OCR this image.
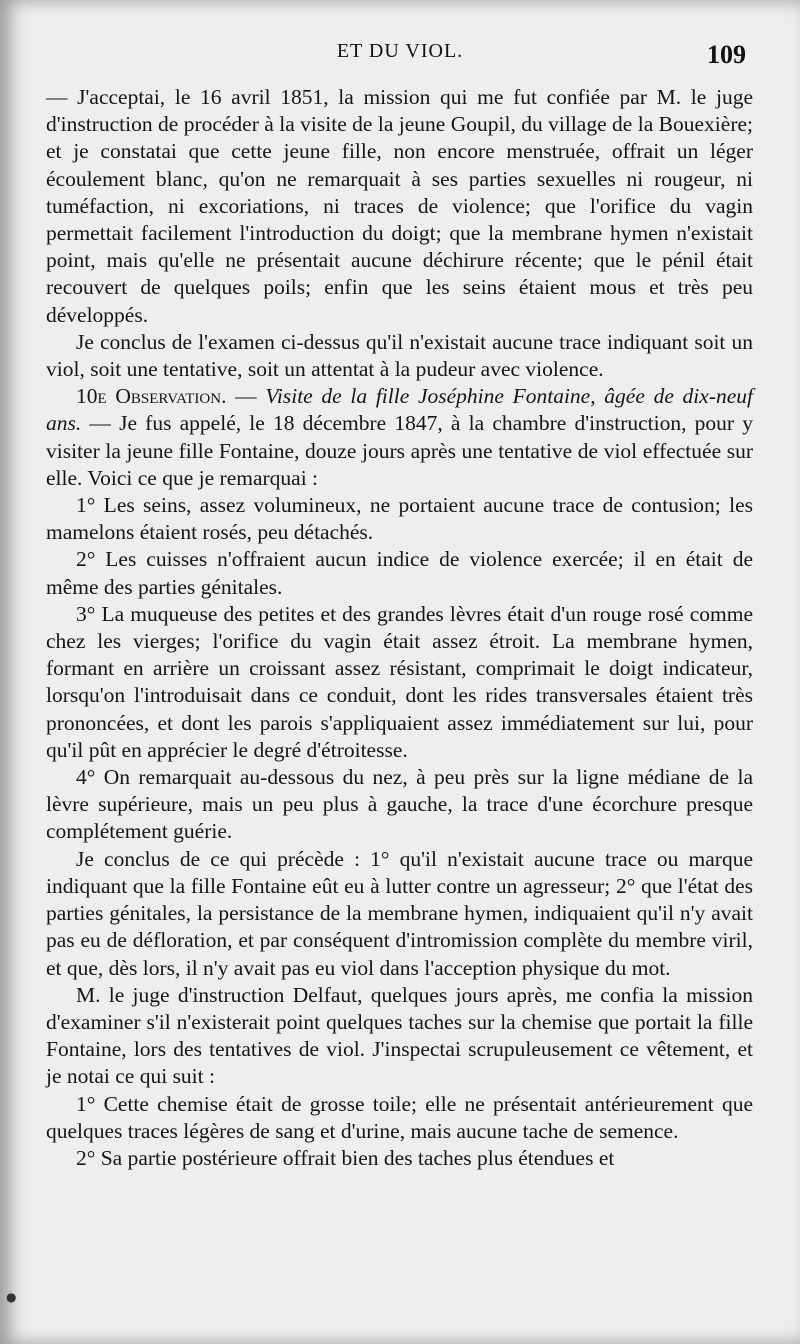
ET DU VIOL.	109

— J'acceptai, le 16 avril 1851, la mission qui me fut confiée par M. le juge d'instruction de procéder à la visite de la jeune Goupil, du village de la Bouexière; et je constatai que cette jeune fille, non encore menstruée, offrait un léger écoulement blanc, qu'on ne remarquait à ses parties sexuelles ni rougeur, ni tuméfaction, ni excoriations, ni traces de violence; que l'orifice du vagin permettait facilement l'introduction du doigt; que la membrane hymen n'existait point, mais qu'elle ne présentait aucune déchirure récente; que le pénil était recouvert de quelques poils; enfin que les seins étaient mous et très peu développés.

Je conclus de l'examen ci-dessus qu'il n'existait aucune trace indiquant soit un viol, soit une tentative, soit un attentat à la pudeur avec violence.

10e Observation. — Visite de la fille Joséphine Fontaine, âgée de dix-neuf ans. — Je fus appelé, le 18 décembre 1847, à la chambre d'instruction, pour y visiter la jeune fille Fontaine, douze jours après une tentative de viol effectuée sur elle. Voici ce que je remarquai :

1° Les seins, assez volumineux, ne portaient aucune trace de contusion; les mamelons étaient rosés, peu détachés.

2° Les cuisses n'offraient aucun indice de violence exercée; il en était de même des parties génitales.

3° La muqueuse des petites et des grandes lèvres était d'un rouge rosé comme chez les vierges; l'orifice du vagin était assez étroit. La membrane hymen, formant en arrière un croissant assez résistant, comprimait le doigt indicateur, lorsqu'on l'introduisait dans ce conduit, dont les rides transversales étaient très prononcées, et dont les parois s'appliquaient assez immédiatement sur lui, pour qu'il pût en apprécier le degré d'étroitesse.

4° On remarquait au-dessous du nez, à peu près sur la ligne médiane de la lèvre supérieure, mais un peu plus à gauche, la trace d'une écorchure presque complétement guérie.

Je conclus de ce qui précède : 1° qu'il n'existait aucune trace ou marque indiquant que la fille Fontaine eût eu à lutter contre un agresseur; 2° que l'état des parties génitales, la persistance de la membrane hymen, indiquaient qu'il n'y avait pas eu de défloration, et par conséquent d'intromission complète du membre viril, et que, dès lors, il n'y avait pas eu viol dans l'acception physique du mot.

M. le juge d'instruction Delfaut, quelques jours après, me confia la mission d'examiner s'il n'existerait point quelques taches sur la chemise que portait la fille Fontaine, lors des tentatives de viol. J'inspectai scrupuleusement ce vêtement, et je notai ce qui suit :

1° Cette chemise était de grosse toile; elle ne présentait antérieurement que quelques traces légères de sang et d'urine, mais aucune tache de semence.

2° Sa partie postérieure offrait bien des taches plus étendues et

●
